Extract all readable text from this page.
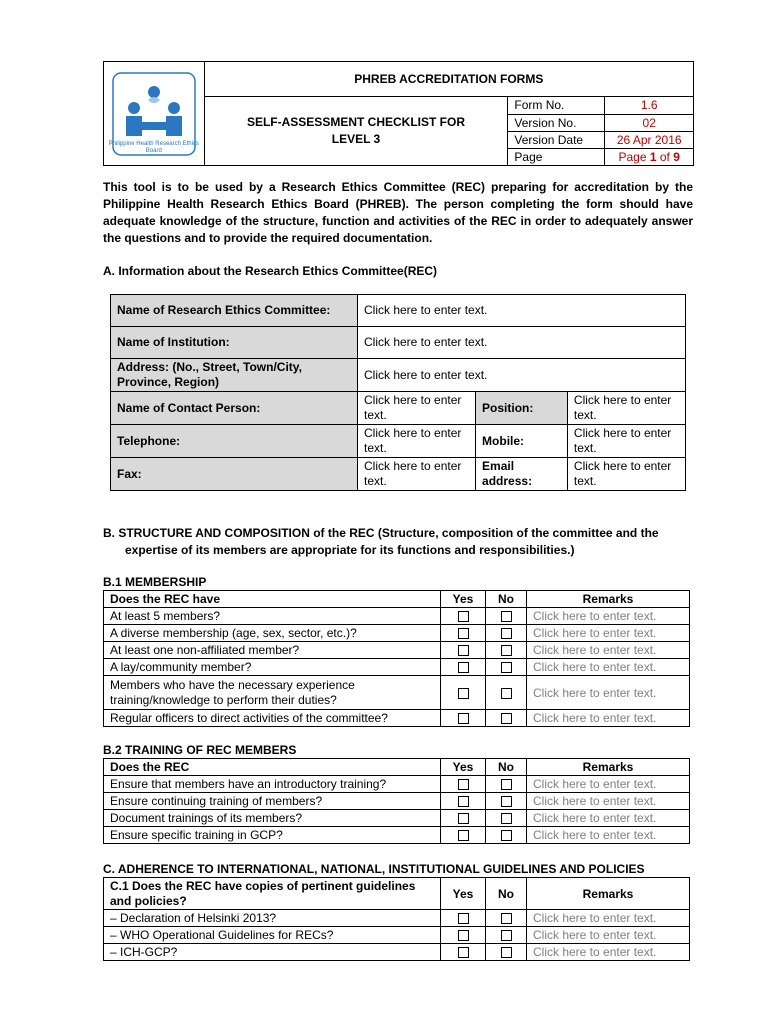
Philippine Health Research Ethics Board
	PHREB ACCREDITATION FORMS
SELF-ASSESSMENT CHECKLIST FOR
LEVEL 3	
Form No.	1.6
Version No.	02
Version Date	26 Apr 2016
Page	Page 1 of 9

This tool is to be used by a Research Ethics Committee (REC) preparing for accreditation by the Philippine Health Research Ethics Board (PHREB). The person completing the form should have adequate knowledge of the structure, function and activities of the REC in order to adequately answer the questions and to provide the required documentation.

A. Information about the Research Ethics Committee(REC)

Name of Research Ethics Committee:	Click here to enter text.		
Name of Institution:	Click here to enter text.		
Address: (No., Street, Town/City, Province, Region)	Click here to enter text.		
Name of Contact Person:	Click here to enter text.	Position:	Click here to enter text.
Telephone:	Click here to enter text.	Mobile:	Click here to enter text.
Fax:	Click here to enter text.	Email address:	Click here to enter text.

B. STRUCTURE AND COMPOSITION of the REC (Structure, composition of the committee and the
expertise of its members are appropriate for its functions and responsibilities.)

B.1 MEMBERSHIP

Does the REC have	Yes	No	Remarks
At least 5 members?			Click here to enter text.
A diverse membership (age, sex, sector, etc.)?			Click here to enter text.
At least one non-affiliated member?			Click here to enter text.
A lay/community member?			Click here to enter text.
Members who have the necessary experience training/knowledge to perform their duties?			Click here to enter text.
Regular officers to direct activities of the committee?			Click here to enter text.

B.2 TRAINING OF REC MEMBERS

Does the REC	Yes	No	Remarks
Ensure that members have an introductory training?			Click here to enter text.
Ensure continuing training of members?			Click here to enter text.
Document trainings of its members?			Click here to enter text.
Ensure specific training in GCP?			Click here to enter text.

C. ADHERENCE TO INTERNATIONAL, NATIONAL, INSTITUTIONAL GUIDELINES AND POLICIES

C.1 Does the REC have copies of pertinent guidelines and policies?	Yes	No	Remarks
– Declaration of Helsinki 2013?			Click here to enter text.
– WHO Operational Guidelines for RECs?			Click here to enter text.
– ICH-GCP?			Click here to enter text.
